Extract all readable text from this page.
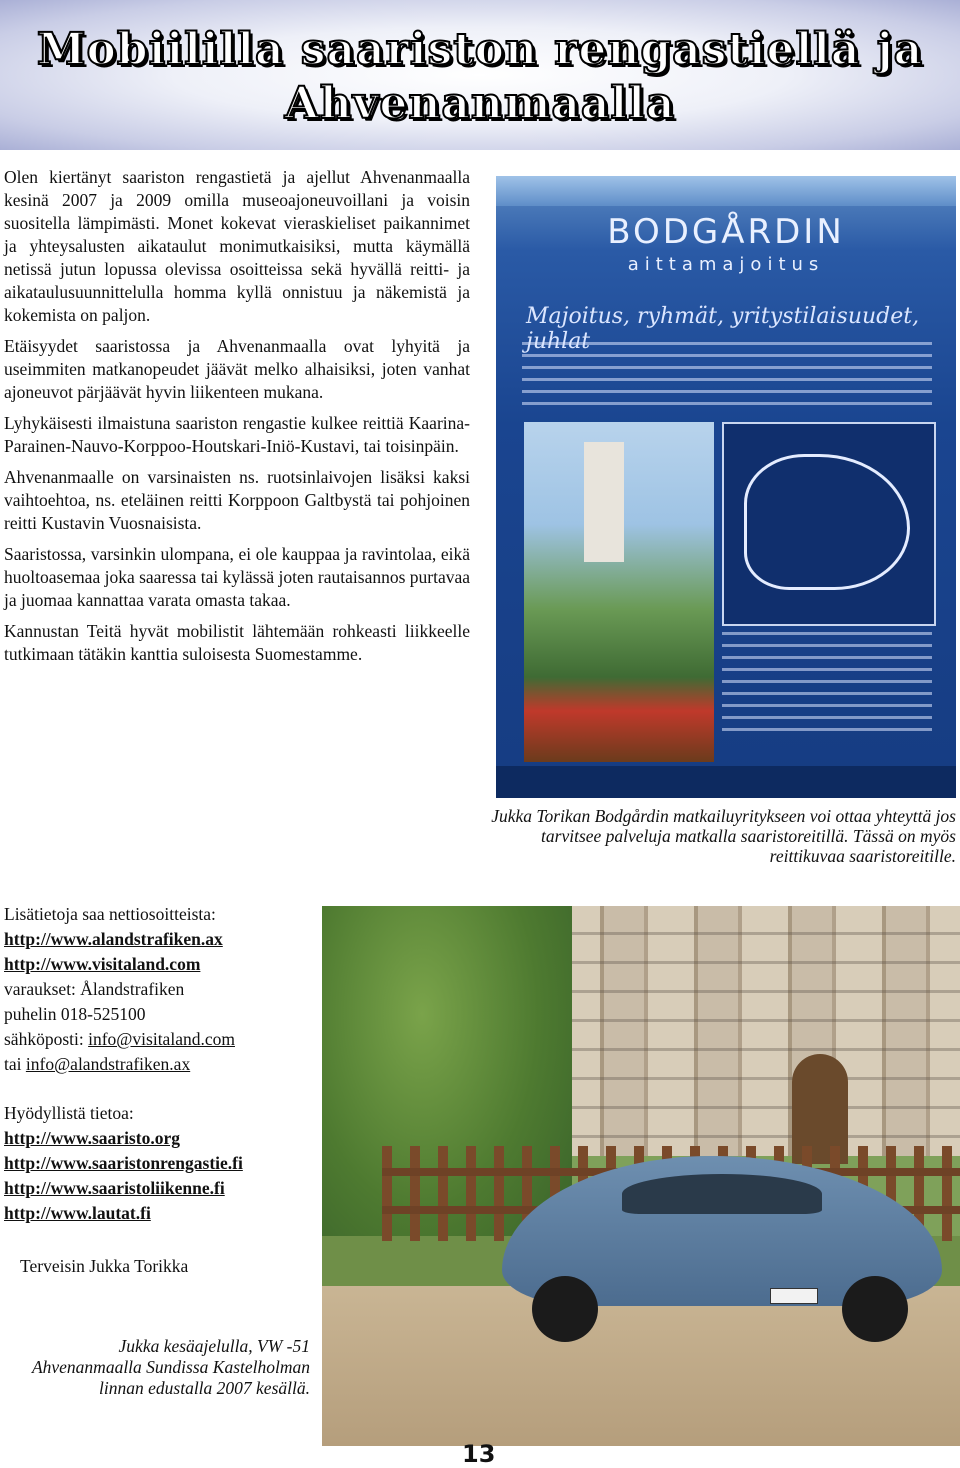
Mobiililla saariston rengastiellä ja
Ahvenanmaalla

Olen kiertänyt saariston rengastietä ja ajellut Ahvenanmaalla kesinä 2007 ja 2009 omilla museoajoneuvoillani ja voisin suositella lämpimästi. Monet kokevat vieraskieliset paikannimet ja yhteysalusten aikataulut monimutkaisiksi, mutta käymällä netissä jutun lopussa olevissa osoitteissa sekä hyvällä reitti- ja aikataulusuunnittelulla homma kyllä onnistuu ja näkemistä ja kokemista on paljon.

Etäisyydet saaristossa ja Ahvenanmaalla ovat lyhyitä ja useimmiten matkanopeudet jäävät melko alhaisiksi, joten vanhat ajoneuvot pärjäävät hyvin liikenteen mukana.

Lyhykäisesti ilmaistuna saariston rengastie kulkee reittiä Kaarina-Parainen-Nauvo-Korppoo-Houtskari-Iniö-Kustavi, tai toisinpäin.

Ahvenanmaalle on varsinaisten ns. ruotsinlaivojen lisäksi kaksi vaihtoehtoa, ns. eteläinen reitti Korppoon Galtbystä tai pohjoinen reitti Kustavin Vuosnaisista.

Saaristossa, varsinkin ulompana, ei ole kauppaa ja ravintolaa, eikä huoltoasemaa joka saaressa tai kylässä joten rautaisannos purtavaa ja juomaa kannattaa varata omasta takaa.

Kannustan Teitä hyvät mobilistit lähtemään rohkeasti liikkeelle tutkimaan tätäkin kanttia suloisesta Suomestamme.

BODGÅRDIN
aittamajoitus
Majoitus, ryhmät, yritystilaisuudet,
Jukka Torikan Bodgårdin matkailuyritykseen voi ottaa yhteyttä jos tarvitsee palveluja matkalla saaristoreitillä. Tässä on myös reittikuvaa saaristoreitille.
Lisätietoja saa nettiosoitteista:
http://www.alandstrafiken.ax
http://www.visitaland.com
varaukset: Ålandstrafiken
puhelin 018-525100
sähköposti: info@visitaland.com
tai info@alandstrafiken.ax
Hyödyllistä tietoa:
http://www.saaristo.org
http://www.saaristonrengastie.fi
http://www.saaristoliikenne.fi
http://www.lautat.fi
Terveisin Jukka Torikka
Jukka kesäajelulla, VW -51 Ahvenanmaalla Sundissa Kastelholman linnan edustalla 2007 kesällä.
13
